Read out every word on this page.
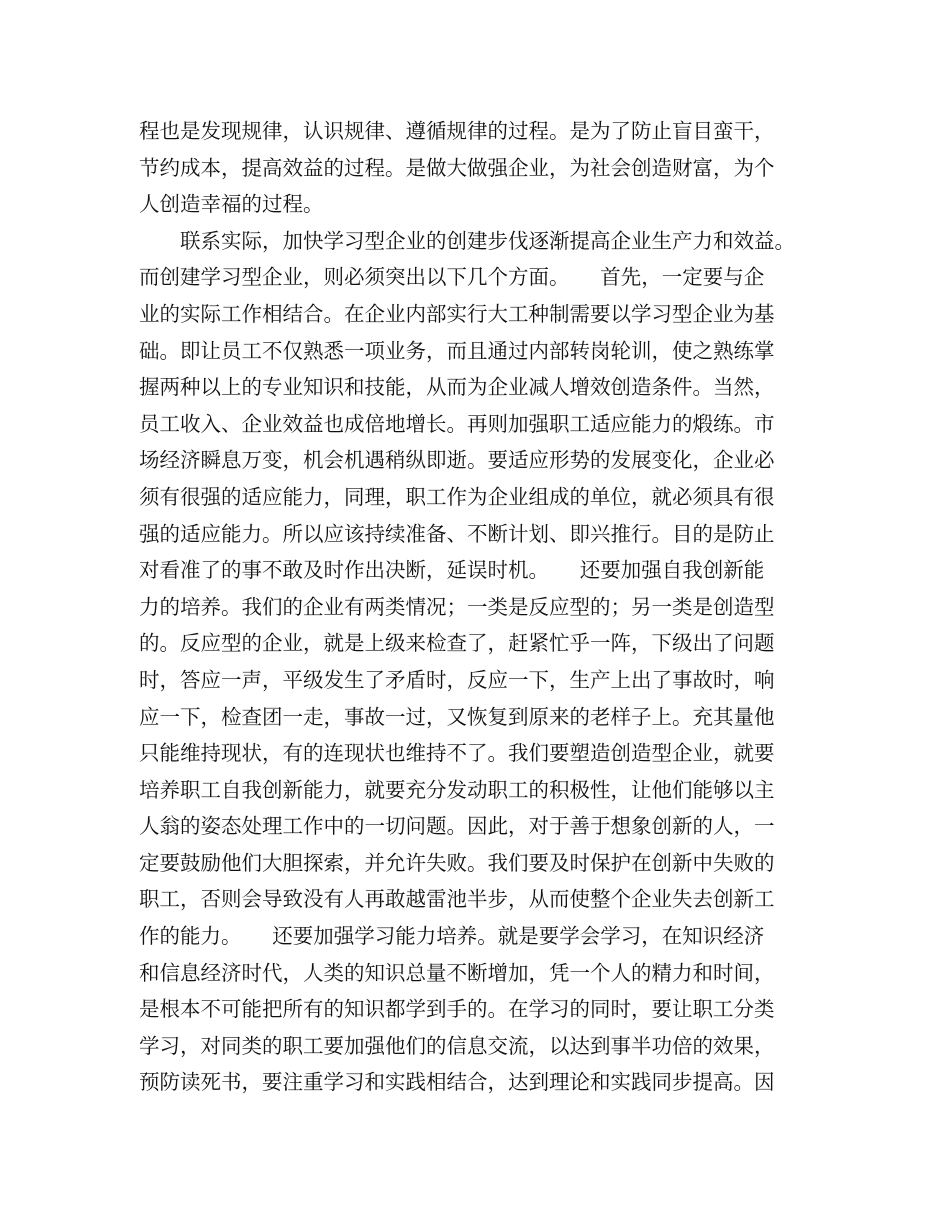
程也是发现规律，认识规律、遵循规律的过程。是为了防止盲目蛮干，
节约成本，提高效益的过程。是做大做强企业，为社会创造财富，为个
人创造幸福的过程。
　　联系实际，加快学习型企业的创建步伐逐渐提高企业生产力和效益。
而创建学习型企业，则必须突出以下几个方面。　　首先，一定要与企
业的实际工作相结合。在企业内部实行大工种制需要以学习型企业为基
础。即让员工不仅熟悉一项业务，而且通过内部转岗轮训，使之熟练掌
握两种以上的专业知识和技能，从而为企业减人增效创造条件。当然，
员工收入、企业效益也成倍地增长。再则加强职工适应能力的煅练。市
场经济瞬息万变，机会机遇稍纵即逝。要适应形势的发展变化，企业必
须有很强的适应能力，同理，职工作为企业组成的单位，就必须具有很
强的适应能力。所以应该持续准备、不断计划、即兴推行。目的是防止
对看准了的事不敢及时作出决断，延误时机。　　还要加强自我创新能
力的培养。我们的企业有两类情况；一类是反应型的；另一类是创造型
的。反应型的企业，就是上级来检查了，赶紧忙乎一阵，下级出了问题
时，答应一声，平级发生了矛盾时，反应一下，生产上出了事故时，响
应一下，检查团一走，事故一过，又恢复到原来的老样子上。充其量他
只能维持现状，有的连现状也维持不了。我们要塑造创造型企业，就要
培养职工自我创新能力，就要充分发动职工的积极性，让他们能够以主
人翁的姿态处理工作中的一切问题。因此，对于善于想象创新的人，一
定要鼓励他们大胆探索，并允许失败。我们要及时保护在创新中失败的
职工，否则会导致没有人再敢越雷池半步，从而使整个企业失去创新工
作的能力。　　还要加强学习能力培养。就是要学会学习，在知识经济
和信息经济时代，人类的知识总量不断增加，凭一个人的精力和时间，
是根本不可能把所有的知识都学到手的。在学习的同时，要让职工分类
学习，对同类的职工要加强他们的信息交流，以达到事半功倍的效果，
预防读死书，要注重学习和实践相结合，达到理论和实践同步提高。因
